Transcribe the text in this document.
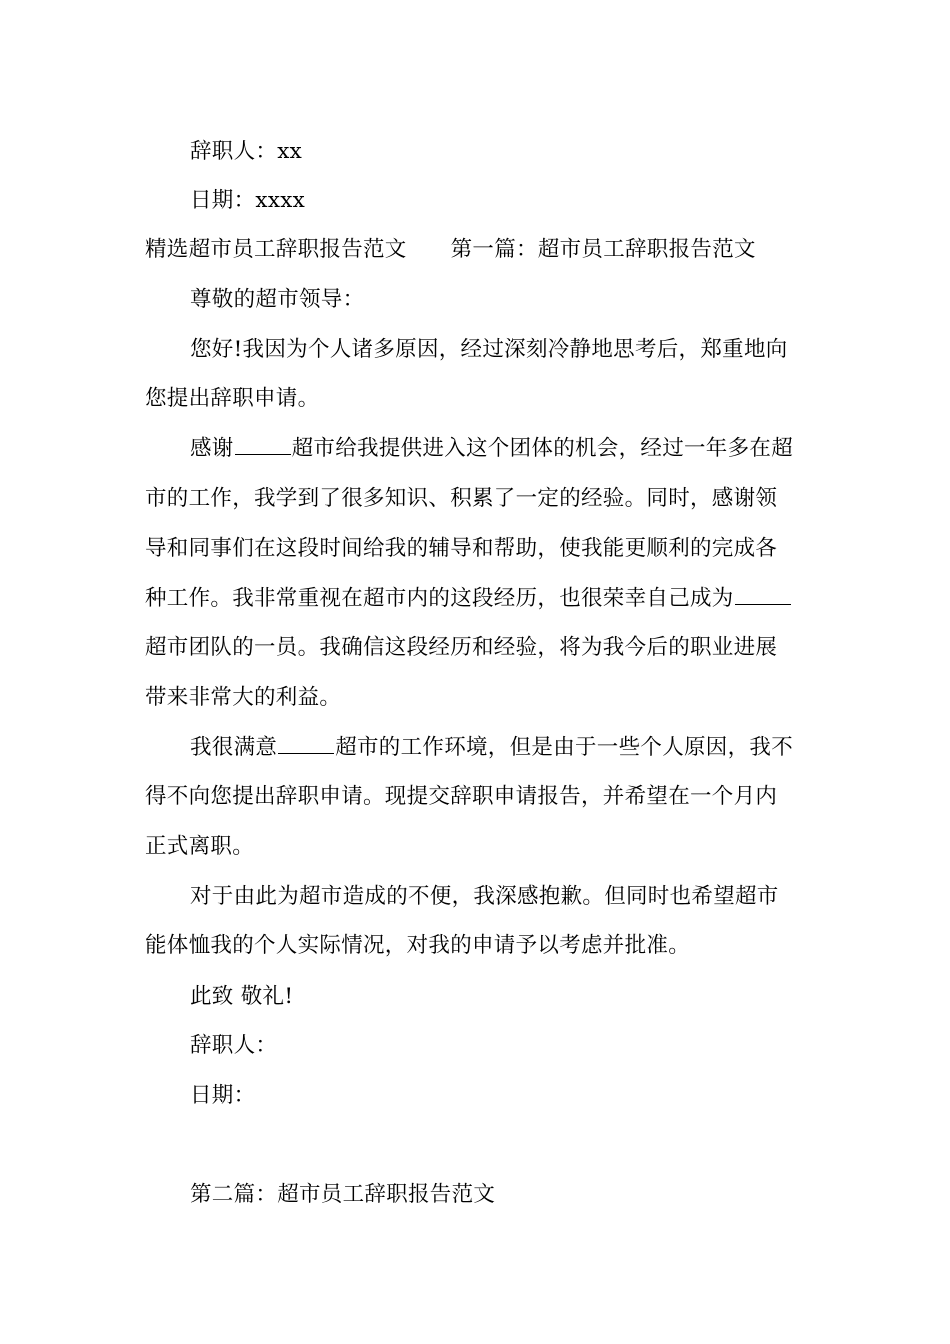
辞职人：xx
日期：xxxx
精选超市员工辞职报告范文 第一篇：超市员工辞职报告范文
尊敬的超市领导：
您好!我因为个人诸多原因，经过深刻冷静地思考后，郑重地向
您提出辞职申请。
感谢	超市给我提供进入这个团体的机会，经过一年多在超
市的工作，我学到了很多知识、积累了一定的经验。同时，感谢领
导和同事们在这段时间给我的辅导和帮助，使我能更顺利的完成各
种工作。我非常重视在超市内的这段经历，也很荣幸自己成为
超市团队的一员。我确信这段经历和经验，将为我今后的职业进展
带来非常大的利益。
我很满意	超市的工作环境，但是由于一些个人原因，我不
得不向您提出辞职申请。现提交辞职申请报告，并希望在一个月内
正式离职。
对于由此为超市造成的不便，我深感抱歉。但同时也希望超市
能体恤我的个人实际情况，对我的申请予以考虑并批准。
此致 敬礼!
辞职人：
日期：
第二篇：超市员工辞职报告范文
